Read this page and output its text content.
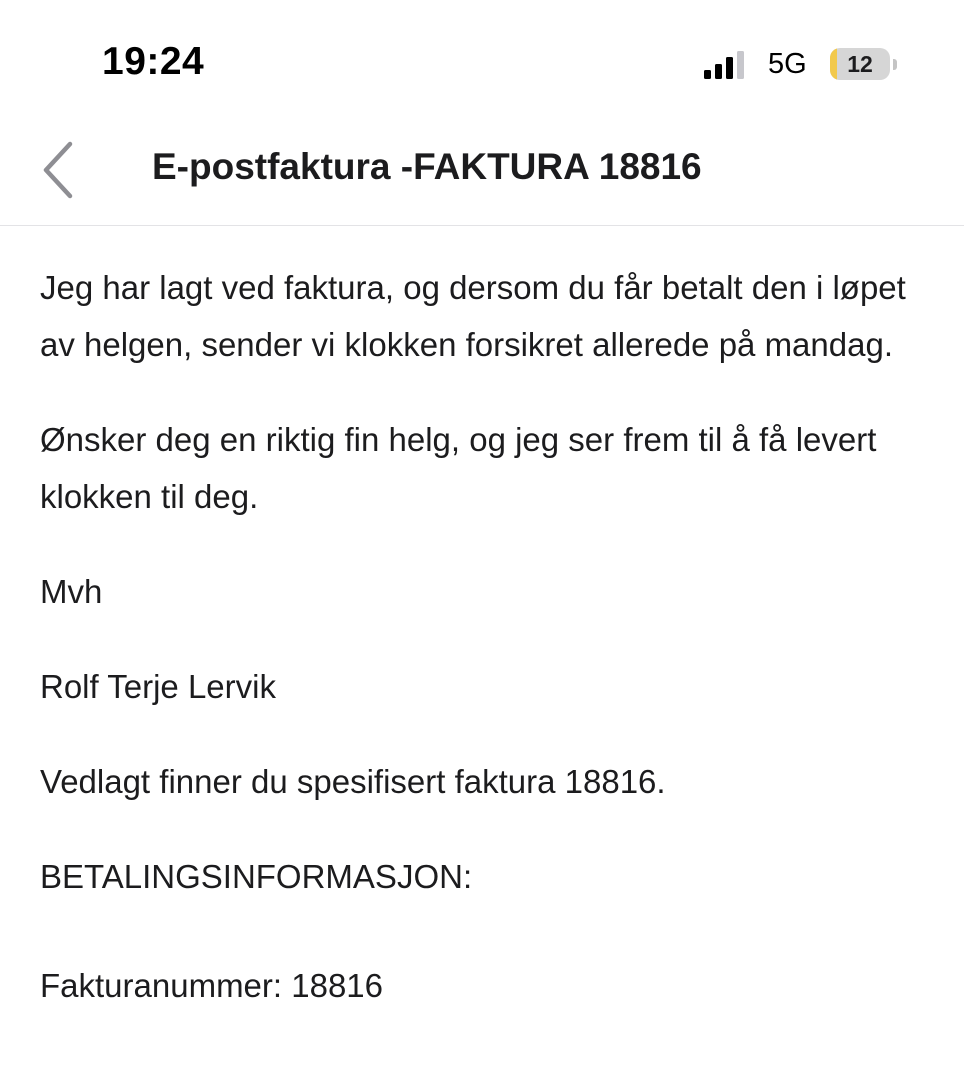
19:24	5G	12
E-postfaktura -FAKTURA 18816

Jeg har lagt ved faktura, og dersom du får betalt den i løpet av helgen, sender vi klokken forsikret allerede på mandag.

Ønsker deg en riktig fin helg, og jeg ser frem til å få levert klokken til deg.

Mvh

Rolf Terje Lervik

Vedlagt finner du spesifisert faktura 18816.

BETALINGSINFORMASJON:

Fakturanummer: 18816
